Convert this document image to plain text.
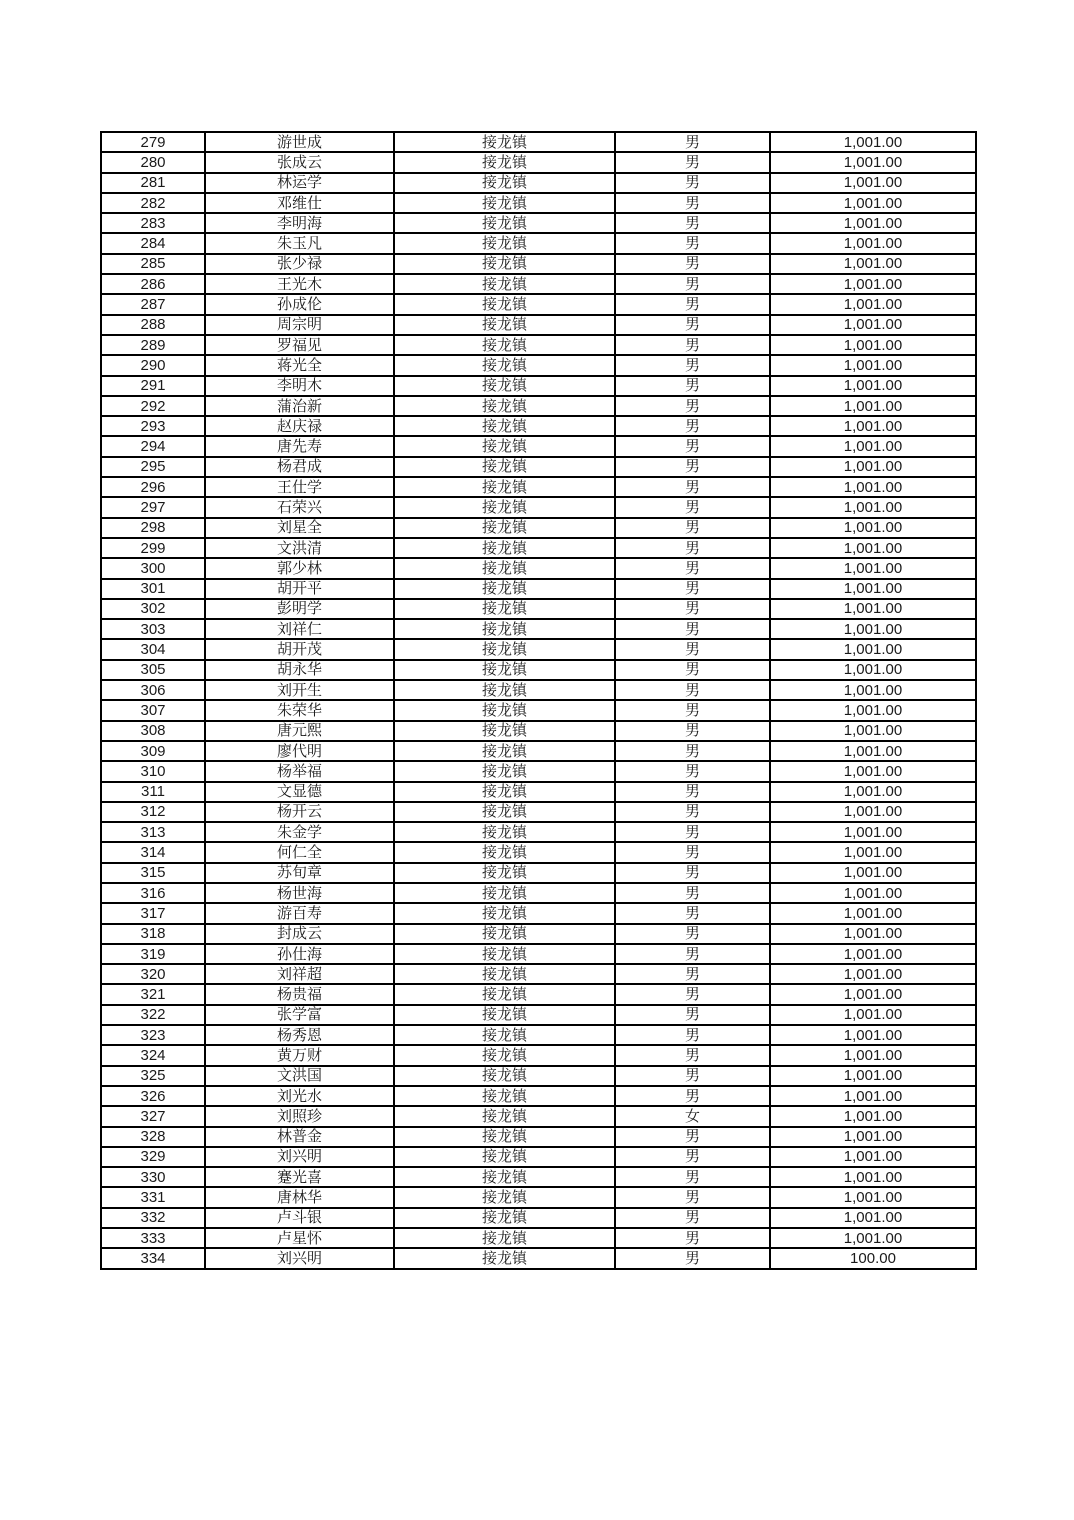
279	游世成	接龙镇	男	1,001.00
280	张成云	接龙镇	男	1,001.00
281	林运学	接龙镇	男	1,001.00
282	邓维仕	接龙镇	男	1,001.00
283	李明海	接龙镇	男	1,001.00
284	朱玉凡	接龙镇	男	1,001.00
285	张少禄	接龙镇	男	1,001.00
286	王光木	接龙镇	男	1,001.00
287	孙成伦	接龙镇	男	1,001.00
288	周宗明	接龙镇	男	1,001.00
289	罗福见	接龙镇	男	1,001.00
290	蒋光全	接龙镇	男	1,001.00
291	李明木	接龙镇	男	1,001.00
292	蒲治新	接龙镇	男	1,001.00
293	赵庆禄	接龙镇	男	1,001.00
294	唐先寿	接龙镇	男	1,001.00
295	杨君成	接龙镇	男	1,001.00
296	王仕学	接龙镇	男	1,001.00
297	石荣兴	接龙镇	男	1,001.00
298	刘星全	接龙镇	男	1,001.00
299	文洪清	接龙镇	男	1,001.00
300	郭少林	接龙镇	男	1,001.00
301	胡开平	接龙镇	男	1,001.00
302	彭明学	接龙镇	男	1,001.00
303	刘祥仁	接龙镇	男	1,001.00
304	胡开茂	接龙镇	男	1,001.00
305	胡永华	接龙镇	男	1,001.00
306	刘开生	接龙镇	男	1,001.00
307	朱荣华	接龙镇	男	1,001.00
308	唐元熙	接龙镇	男	1,001.00
309	廖代明	接龙镇	男	1,001.00
310	杨举福	接龙镇	男	1,001.00
311	文显德	接龙镇	男	1,001.00
312	杨开云	接龙镇	男	1,001.00
313	朱金学	接龙镇	男	1,001.00
314	何仁全	接龙镇	男	1,001.00
315	苏旬章	接龙镇	男	1,001.00
316	杨世海	接龙镇	男	1,001.00
317	游百寿	接龙镇	男	1,001.00
318	封成云	接龙镇	男	1,001.00
319	孙仕海	接龙镇	男	1,001.00
320	刘祥超	接龙镇	男	1,001.00
321	杨贵福	接龙镇	男	1,001.00
322	张学富	接龙镇	男	1,001.00
323	杨秀恩	接龙镇	男	1,001.00
324	黄万财	接龙镇	男	1,001.00
325	文洪国	接龙镇	男	1,001.00
326	刘光水	接龙镇	男	1,001.00
327	刘照珍	接龙镇	女	1,001.00
328	林普金	接龙镇	男	1,001.00
329	刘兴明	接龙镇	男	1,001.00
330	蹇光喜	接龙镇	男	1,001.00
331	唐林华	接龙镇	男	1,001.00
332	卢斗银	接龙镇	男	1,001.00
333	卢星怀	接龙镇	男	1,001.00
334	刘兴明	接龙镇	男	100.00
